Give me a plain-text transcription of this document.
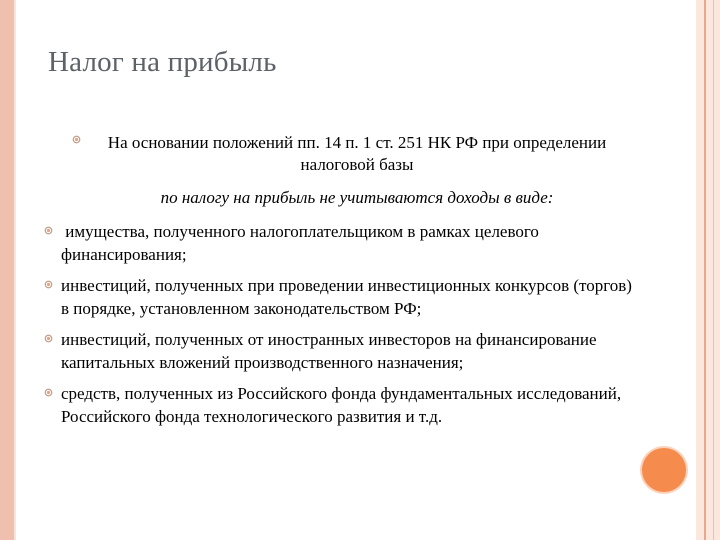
Налог на прибыль
На основании положений пп. 14 п. 1 ст. 251 НК РФ при определении налоговой базы
по налогу на прибыль не учитываются доходы в виде:
имущества, полученного налогоплательщиком в рамках целевого финансирования;
инвестиций, полученных при проведении инвестиционных конкурсов (торгов) в порядке, установленном законодательством РФ;
инвестиций, полученных от иностранных инвесторов на финансирование капитальных вложений производственного назначения;
средств, полученных из Российского фонда фундаментальных исследований, Российского фонда технологического развития и т.д.
